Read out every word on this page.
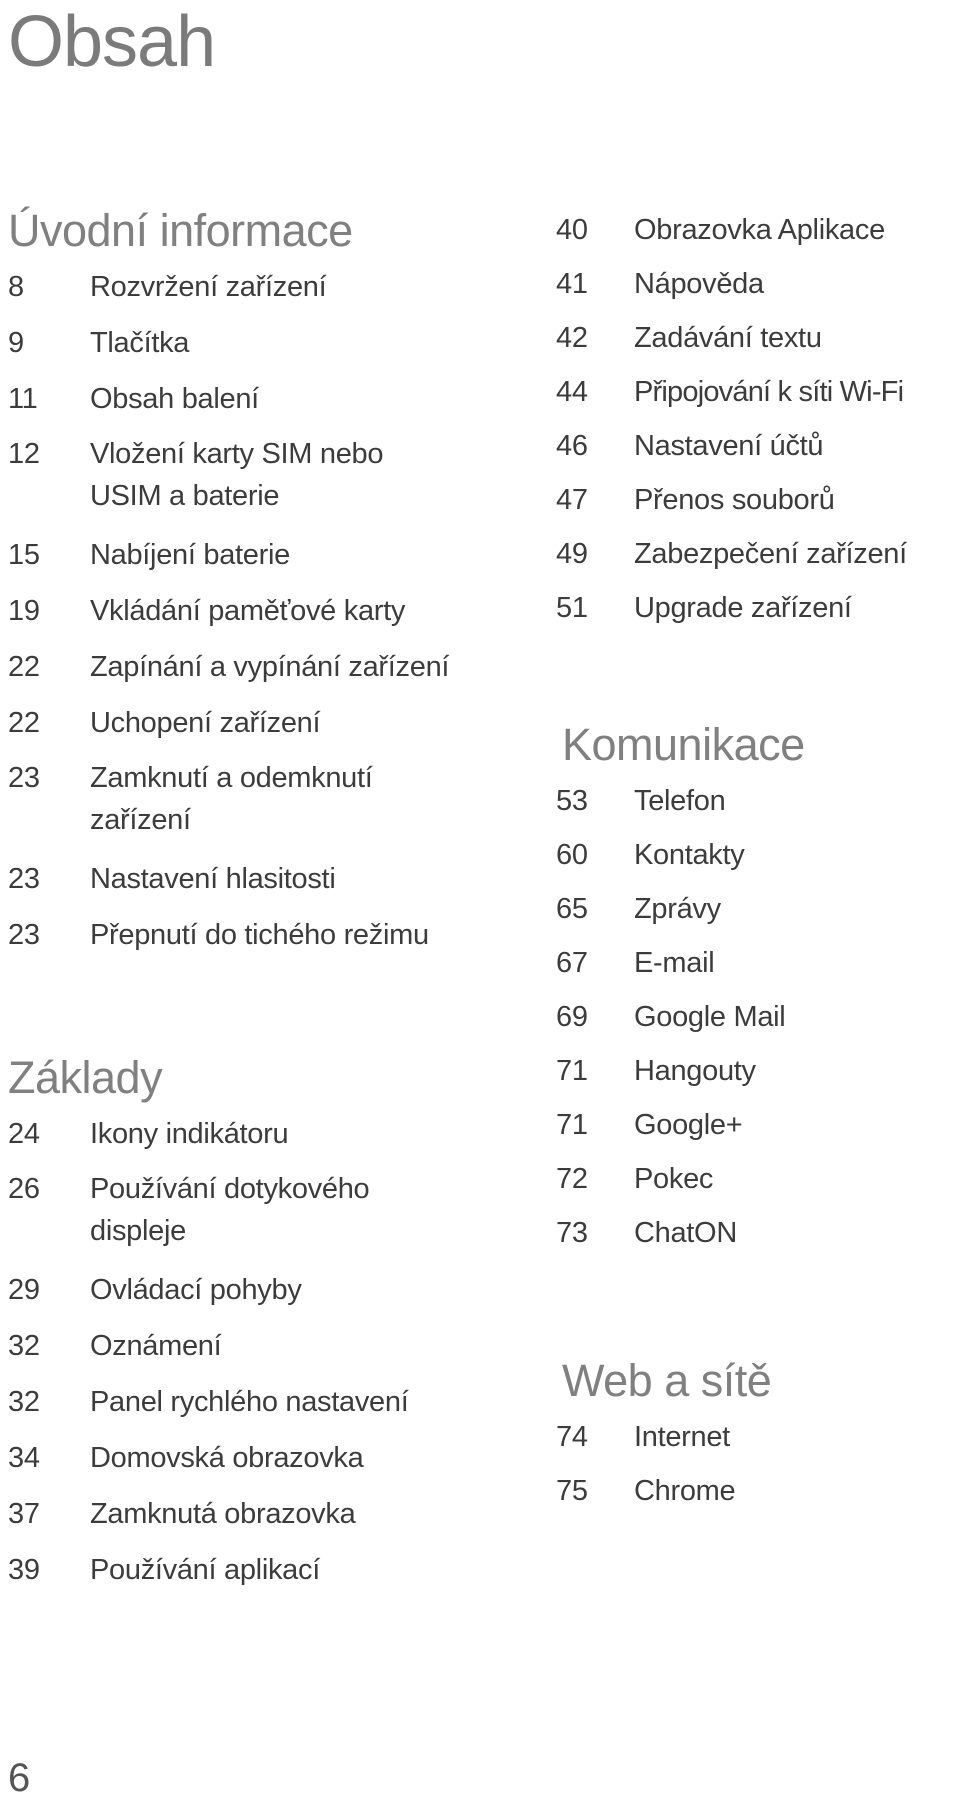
Obsah
Úvodní informace
8	Rozvržení zařízení
9	Tlačítka
11	Obsah balení
12	Vložení karty SIM nebo USIM a baterie
15	Nabíjení baterie
19	Vkládání paměťové karty
22	Zapínání a vypínání zařízení
22	Uchopení zařízení
23	Zamknutí a odemknutí zařízení
23	Nastavení hlasitosti
23	Přepnutí do tichého režimu
Základy
24	Ikony indikátoru
26	Používání dotykového displeje
29	Ovládací pohyby
32	Oznámení
32	Panel rychlého nastavení
34	Domovská obrazovka
37	Zamknutá obrazovka
39	Používání aplikací
40	Obrazovka Aplikace
41	Nápověda
42	Zadávání textu
44	Připojování k síti Wi-Fi
46	Nastavení účtů
47	Přenos souborů
49	Zabezpečení zařízení
51	Upgrade zařízení
Komunikace
53	Telefon
60	Kontakty
65	Zprávy
67	E-mail
69	Google Mail
71	Hangouty
71	Google+
72	Pokec
73	ChatON
Web a sítě
74	Internet
75	Chrome
6
